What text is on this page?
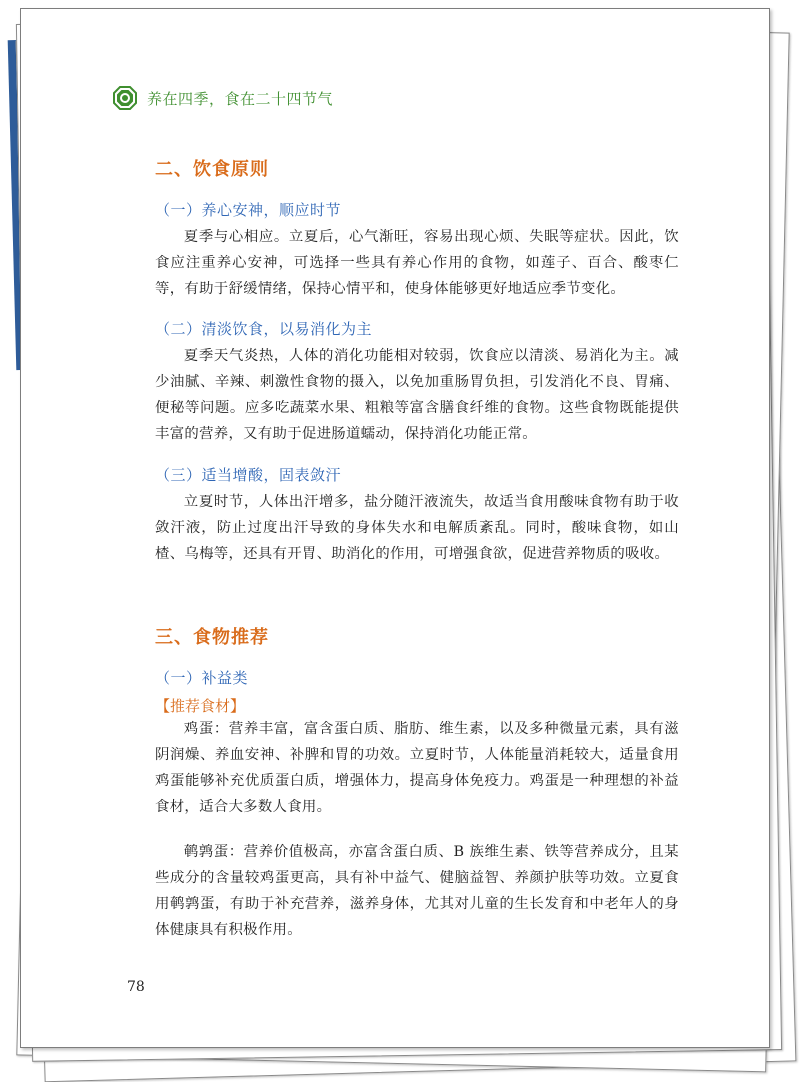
养在四季，食在二十四节气
二、饮食原则
（一）养心安神，顺应时节
夏季与心相应。立夏后，心气渐旺，容易出现心烦、失眠等症状。因此，饮食应注重养心安神，可选择一些具有养心作用的食物，如莲子、百合、酸枣仁等，有助于舒缓情绪，保持心情平和，使身体能够更好地适应季节变化。
（二）清淡饮食，以易消化为主
夏季天气炎热，人体的消化功能相对较弱，饮食应以清淡、易消化为主。减少油腻、辛辣、刺激性食物的摄入，以免加重肠胃负担，引发消化不良、胃痛、便秘等问题。应多吃蔬菜水果、粗粮等富含膳食纤维的食物。这些食物既能提供丰富的营养，又有助于促进肠道蠕动，保持消化功能正常。
（三）适当增酸，固表敛汗
立夏时节，人体出汗增多，盐分随汗液流失，故适当食用酸味食物有助于收敛汗液，防止过度出汗导致的身体失水和电解质紊乱。同时，酸味食物，如山楂、乌梅等，还具有开胃、助消化的作用，可增强食欲，促进营养物质的吸收。
三、食物推荐
（一）补益类
【推荐食材】
鸡蛋：营养丰富，富含蛋白质、脂肪、维生素，以及多种微量元素，具有滋阴润燥、养血安神、补脾和胃的功效。立夏时节，人体能量消耗较大，适量食用鸡蛋能够补充优质蛋白质，增强体力，提高身体免疫力。鸡蛋是一种理想的补益食材，适合大多数人食用。
鹌鹑蛋：营养价值极高，亦富含蛋白质、B 族维生素、铁等营养成分，且某些成分的含量较鸡蛋更高，具有补中益气、健脑益智、养颜护肤等功效。立夏食用鹌鹑蛋，有助于补充营养，滋养身体，尤其对儿童的生长发育和中老年人的身体健康具有积极作用。
78
